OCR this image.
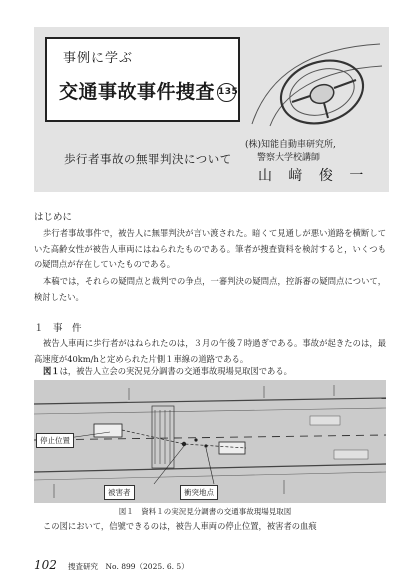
事例に学ぶ
交通事故事件捜査 135
歩行者事故の無罪判決について
(株)知能自動車研究所,
警察大学校講師
山 﨑 俊 一
はじめに
歩行者事故事件で，被告人に無罪判決が言い渡された。暗くて見通しが悪い道路を横断していた高齢女性が被告人車両にはねられたものである。筆者が捜査資料を検討すると，いくつもの疑問点が存在していたものである。
本稿では，それらの疑問点と裁判での争点，一審判決の疑問点，控訴審の疑問点について，検討したい。
１　事　件
被告人車両に歩行者がはねられたのは，３月の午後７時過ぎである。事故が起きたのは，最高速度が40km/hと定められた片側１車線の道路である。
図１は，被告人立会の実況見分調書の交通事故現場見取図である。
停止位置
被害者	衝突地点
図１　資料１の実況見分調書の交通事故現場見取図
この図において，信號できるのは，被告人車両の停止位置，被害者の血痕
102 捜査研究　No. 899（2025. 6. 5）
